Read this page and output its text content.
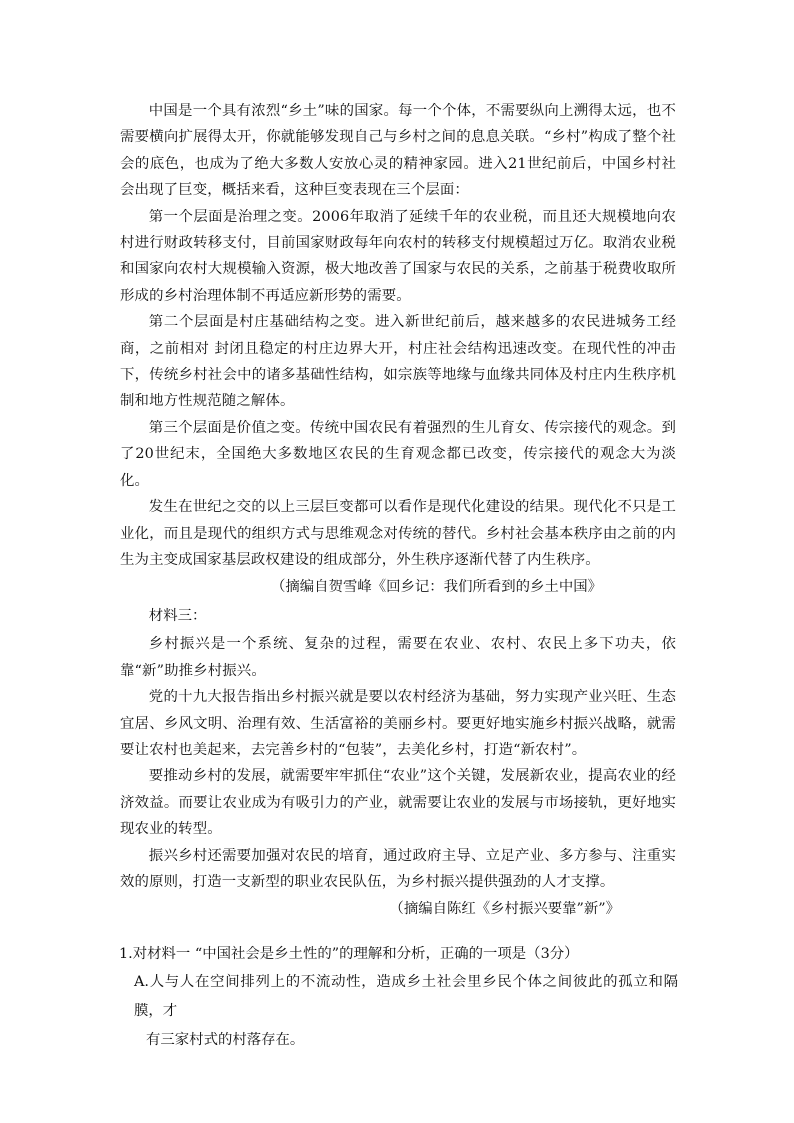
中国是一个具有浓烈“乡土”味的国家。每一个个体，不需要纵向上溯得太远，也不需要横向扩展得太开，你就能够发现自己与乡村之间的息息关联。“乡村”构成了整个社会的底色，也成为了绝大多数人安放心灵的精神家园。进入21世纪前后，中国乡村社会出现了巨变，概括来看，这种巨变表现在三个层面：

第一个层面是治理之变。2006年取消了延续千年的农业税，而且还大规模地向农村进行财政转移支付，目前国家财政每年向农村的转移支付规模超过万亿。取消农业税和国家向农村大规模输入资源，极大地改善了国家与农民的关系，之前基于税费收取所形成的乡村治理体制不再适应新形势的需要。

第二个层面是村庄基础结构之变。进入新世纪前后，越来越多的农民进城务工经商，之前相对 封闭且稳定的村庄边界大开，村庄社会结构迅速改变。在现代性的冲击下，传统乡村社会中的诸多基础性结构，如宗族等地缘与血缘共同体及村庄内生秩序机制和地方性规范随之解体。

第三个层面是价值之变。传统中国农民有着强烈的生儿育女、传宗接代的观念。到了20世纪末，全国绝大多数地区农民的生育观念都已改变，传宗接代的观念大为淡化。

发生在世纪之交的以上三层巨变都可以看作是现代化建设的结果。现代化不只是工业化，而且是现代的组织方式与思维观念对传统的替代。乡村社会基本秩序由之前的内生为主变成国家基层政权建设的组成部分，外生秩序逐渐代替了内生秩序。

（摘编自贺雪峰《回乡记：我们所看到的乡土中国》

材料三：

乡村振兴是一个系统、复杂的过程，需要在农业、农村、农民上多下功夫，依靠“新”助推乡村振兴。

党的十九大报告指出乡村振兴就是要以农村经济为基础，努力实现产业兴旺、生态宜居、乡风文明、治理有效、生活富裕的美丽乡村。要更好地实施乡村振兴战略，就需要让农村也美起来，去完善乡村的“包装”，去美化乡村，打造“新农村”。

要推动乡村的发展，就需要牢牢抓住“农业”这个关键，发展新农业，提高农业的经济效益。而要让农业成为有吸引力的产业，就需要让农业的发展与市场接轨，更好地实现农业的转型。

振兴乡村还需要加强对农民的培育，通过政府主导、立足产业、多方参与、注重实效的原则，打造一支新型的职业农民队伍，为乡村振兴提供强劲的人才支撑。

（摘编自陈红《乡村振兴要靠”新”》

1.对材料一 “中国社会是乡土性的”的理解和分析，正确的一项是（3分）

A.人与人在空间排列上的不流动性，造成乡土社会里乡民个体之间彼此的孤立和隔膜，才
有三家村式的村落存在。
